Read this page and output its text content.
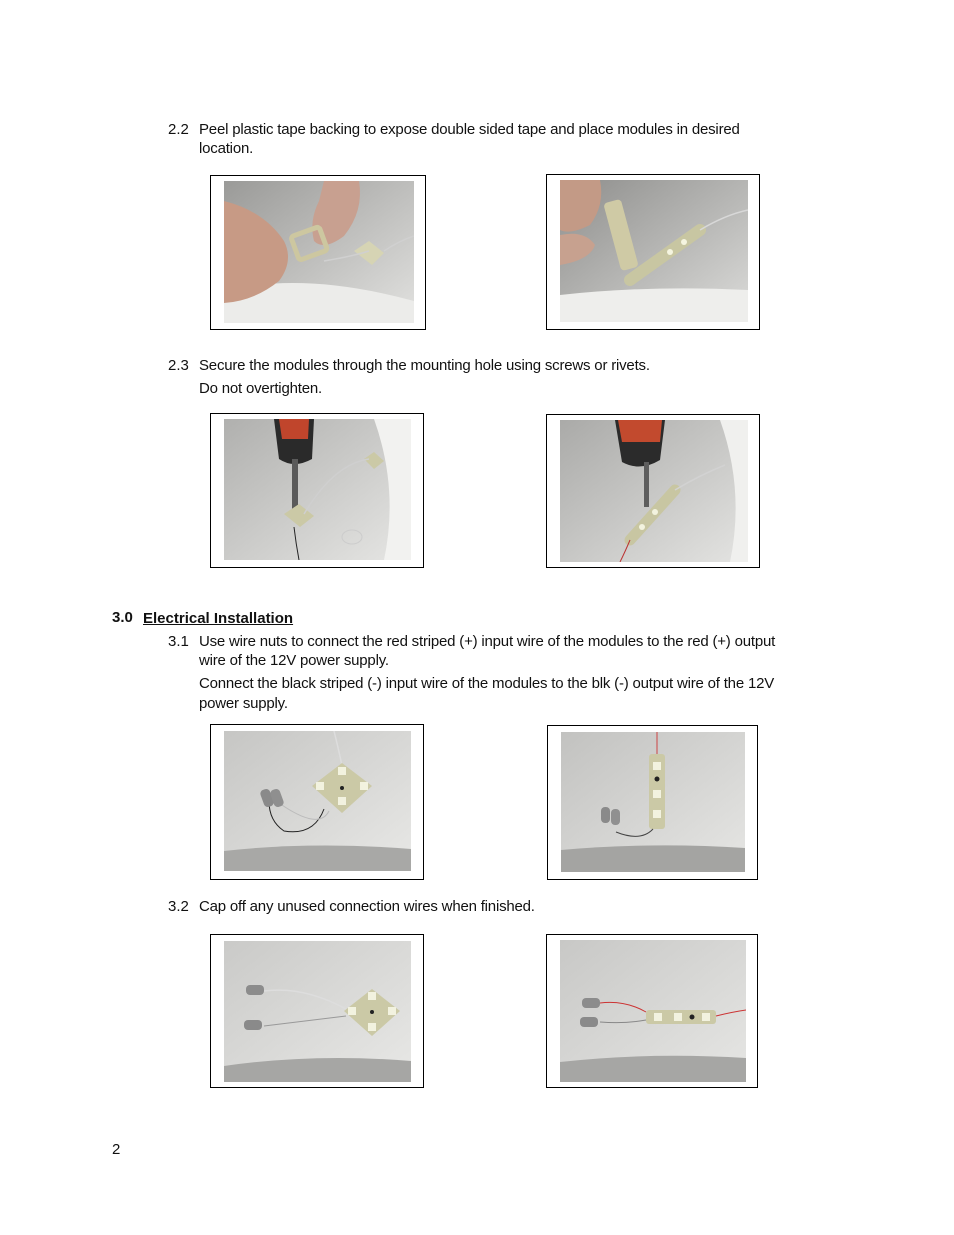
2.2 Peel plastic tape backing to expose double sided tape and place modules in desired
location.
2.3 Secure the modules through the mounting hole using screws or rivets.
Do not overtighten.
3.0 Electrical Installation
3.1 Use wire nuts to connect the red striped (+) input wire of the modules to the red (+) output
wire of the 12V power supply.
Connect the black striped (-) input wire of the modules to the blk (-) output wire of the 12V
power supply.
3.2 Cap off any unused connection wires when finished.
2
